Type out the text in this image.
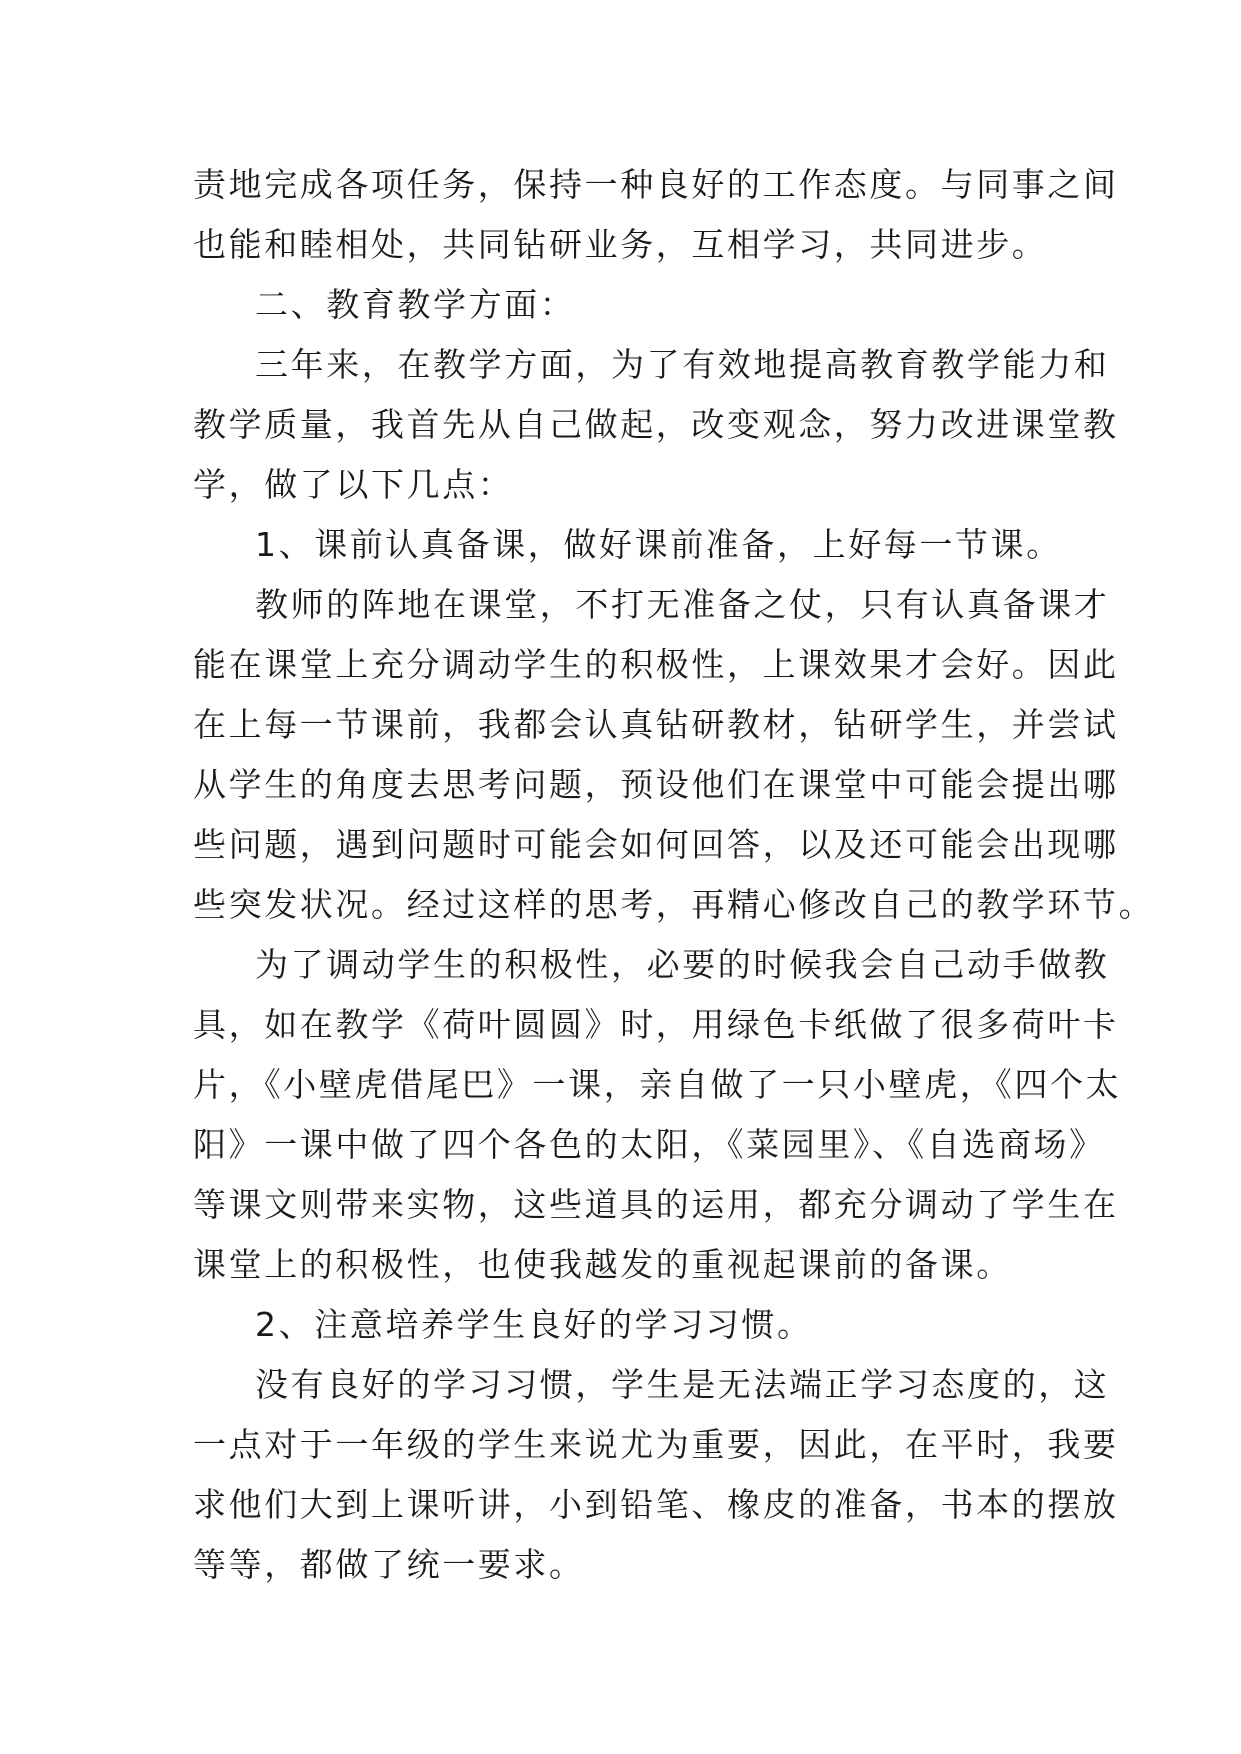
责地完成各项任务，保持一种良好的工作态度。与同事之间
也能和睦相处，共同钻研业务，互相学习，共同进步。
二、教育教学方面：
三年来，在教学方面，为了有效地提高教育教学能力和
教学质量，我首先从自己做起，改变观念，努力改进课堂教
学，做了以下几点：
1、课前认真备课，做好课前准备，上好每一节课。
教师的阵地在课堂，不打无准备之仗，只有认真备课才
能在课堂上充分调动学生的积极性，上课效果才会好。因此
在上每一节课前，我都会认真钻研教材，钻研学生，并尝试
从学生的角度去思考问题，预设他们在课堂中可能会提出哪
些问题，遇到问题时可能会如何回答，以及还可能会出现哪
些突发状况。经过这样的思考，再精心修改自己的教学环节。
为了调动学生的积极性，必要的时候我会自己动手做教
具，如在教学《荷叶圆圆》时，用绿色卡纸做了很多荷叶卡
片，《小壁虎借尾巴》一课，亲自做了一只小壁虎，《四个太
阳》一课中做了四个各色的太阳，《菜园里》、《自选商场》
等课文则带来实物，这些道具的运用，都充分调动了学生在
课堂上的积极性，也使我越发的重视起课前的备课。
2、注意培养学生良好的学习习惯。
没有良好的学习习惯，学生是无法端正学习态度的，这
一点对于一年级的学生来说尤为重要，因此，在平时，我要
求他们大到上课听讲，小到铅笔、橡皮的准备，书本的摆放
等等，都做了统一要求。
